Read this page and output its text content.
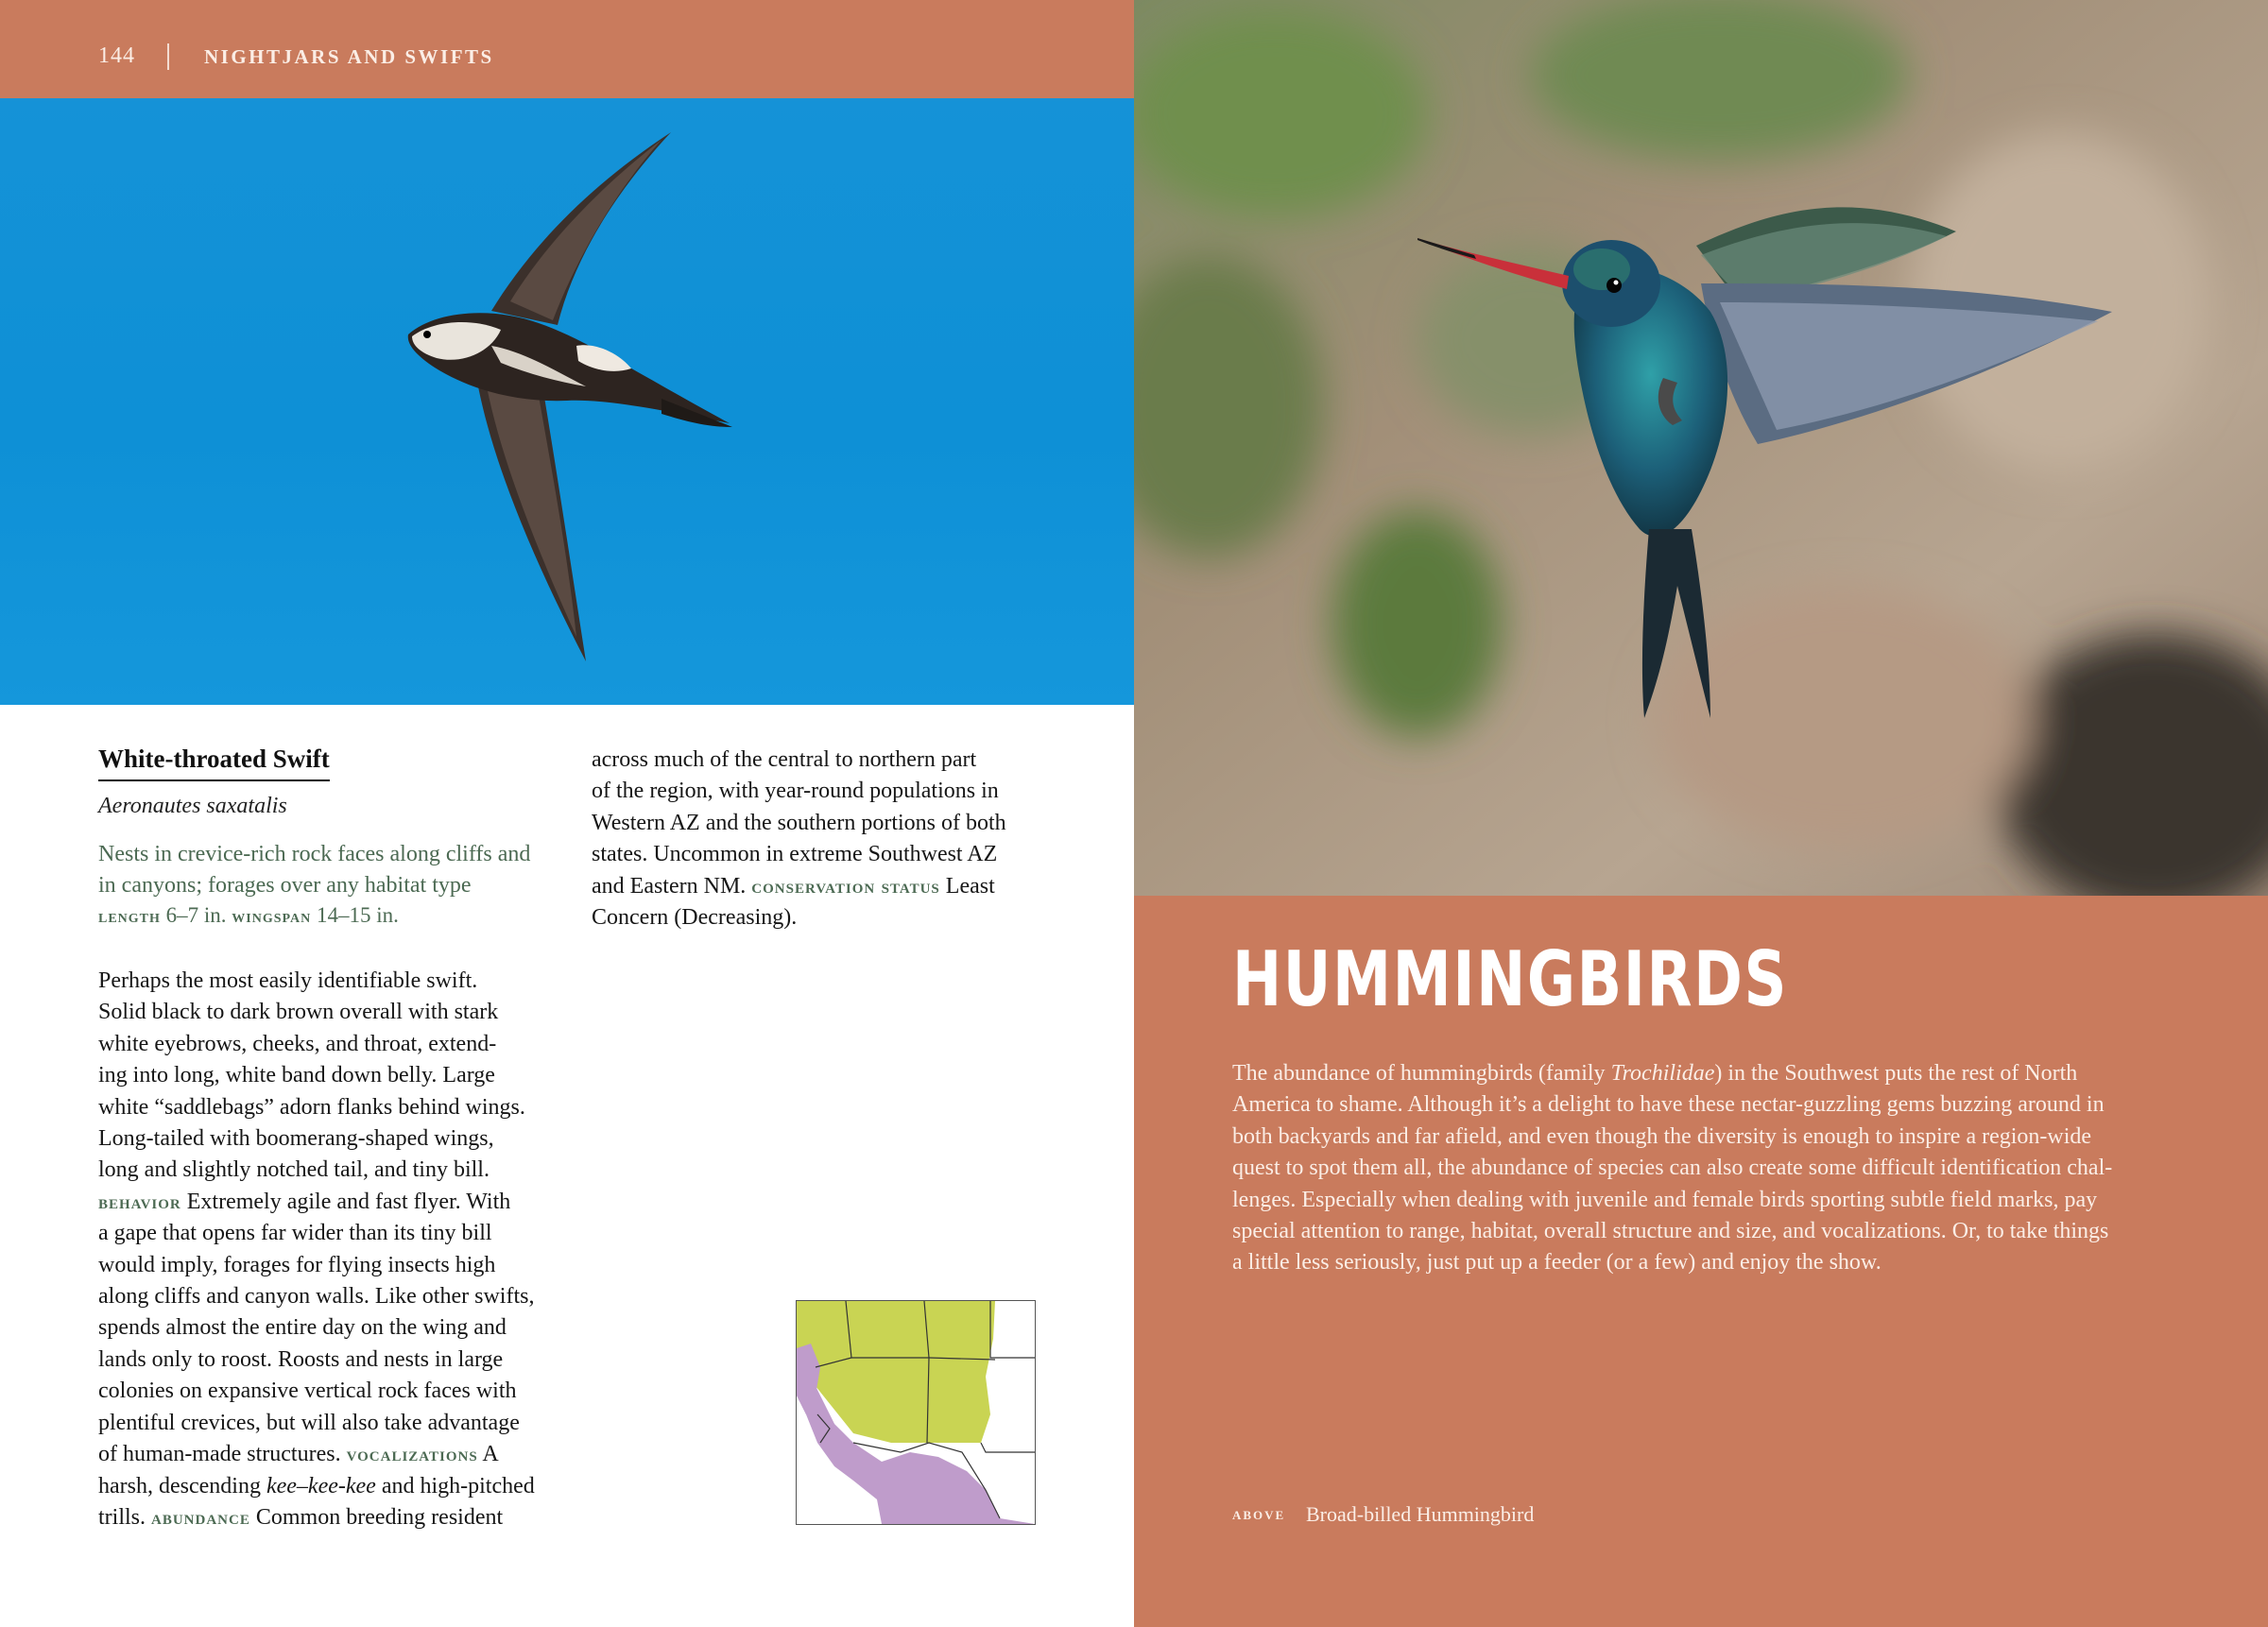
144	NIGHTJARS AND SWIFTS
White-throated Swift
Aeronautes saxatalis
Nests in crevice-rich rock faces along cliffs and
in canyons; forages over any habitat type
length 6–7 in. wingspan 14–15 in.
Perhaps the most easily identifiable swift.
Solid black to dark brown overall with stark
white eyebrows, cheeks, and throat, extend-
ing into long, white band down belly. Large
white “saddlebags” adorn flanks behind wings.
Long-tailed with boomerang-shaped wings,
long and slightly notched tail, and tiny bill.
behavior Extremely agile and fast flyer. With
a gape that opens far wider than its tiny bill
would imply, forages for flying insects high
along cliffs and canyon walls. Like other swifts,
spends almost the entire day on the wing and
lands only to roost. Roosts and nests in large
colonies on expansive vertical rock faces with
plentiful crevices, but will also take advantage
of human-made structures. vocalizations A
harsh, descending kee–kee-kee and high-pitched
trills. abundance Common breeding resident
across much of the central to northern part
of the region, with year-round populations in
Western AZ and the southern portions of both
states. Uncommon in extreme Southwest AZ
and Eastern NM. conservation status Least
Concern (Decreasing).
HUMMINGBIRDS
The abundance of hummingbirds (family Trochilidae) in the Southwest puts the rest of North
America to shame. Although it’s a delight to have these nectar-guzzling gems buzzing around in
both backyards and far afield, and even though the diversity is enough to inspire a region-wide
quest to spot them all, the abundance of species can also create some difficult identification chal-
lenges. Especially when dealing with juvenile and female birds sporting subtle field marks, pay
special attention to range, habitat, overall structure and size, and vocalizations. Or, to take things
a little less seriously, just put up a feeder (or a few) and enjoy the show.
above Broad-billed Hummingbird
